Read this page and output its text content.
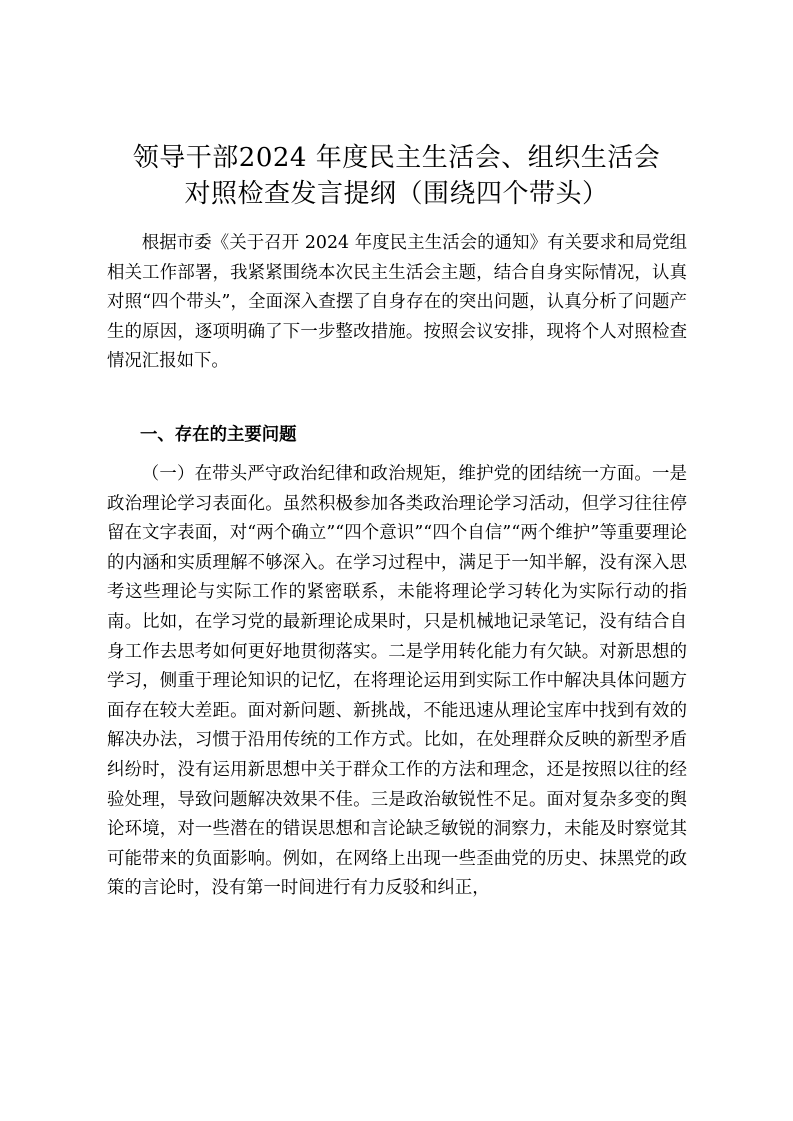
领导干部2024 年度民主生活会、组织生活会
对照检查发言提纲（围绕四个带头）

根据市委《关于召开 2024 年度民主生活会的通知》有关要求和局党组相关工作部署，我紧紧围绕本次民主生活会主题，结合自身实际情况，认真对照“四个带头”，全面深入查摆了自身存在的突出问题，认真分析了问题产生的原因，逐项明确了下一步整改措施。按照会议安排，现将个人对照检查情况汇报如下。

一、存在的主要问题

（一）在带头严守政治纪律和政治规矩，维护党的团结统一方面。一是政治理论学习表面化。虽然积极参加各类政治理论学习活动，但学习往往停留在文字表面，对“两个确立”“四个意识”“四个自信”“两个维护”等重要理论的内涵和实质理解不够深入。在学习过程中，满足于一知半解，没有深入思考这些理论与实际工作的紧密联系，未能将理论学习转化为实际行动的指南。比如，在学习党的最新理论成果时，只是机械地记录笔记，没有结合自身工作去思考如何更好地贯彻落实。二是学用转化能力有欠缺。对新思想的学习，侧重于理论知识的记忆，在将理论运用到实际工作中解决具体问题方面存在较大差距。面对新问题、新挑战，不能迅速从理论宝库中找到有效的解决办法，习惯于沿用传统的工作方式。比如，在处理群众反映的新型矛盾纠纷时，没有运用新思想中关于群众工作的方法和理念，还是按照以往的经验处理，导致问题解决效果不佳。三是政治敏锐性不足。面对复杂多变的舆论环境，对一些潜在的错误思想和言论缺乏敏锐的洞察力，未能及时察觉其可能带来的负面影响。例如，在网络上出现一些歪曲党的历史、抹黑党的政策的言论时，没有第一时间进行有力反驳和纠正，
